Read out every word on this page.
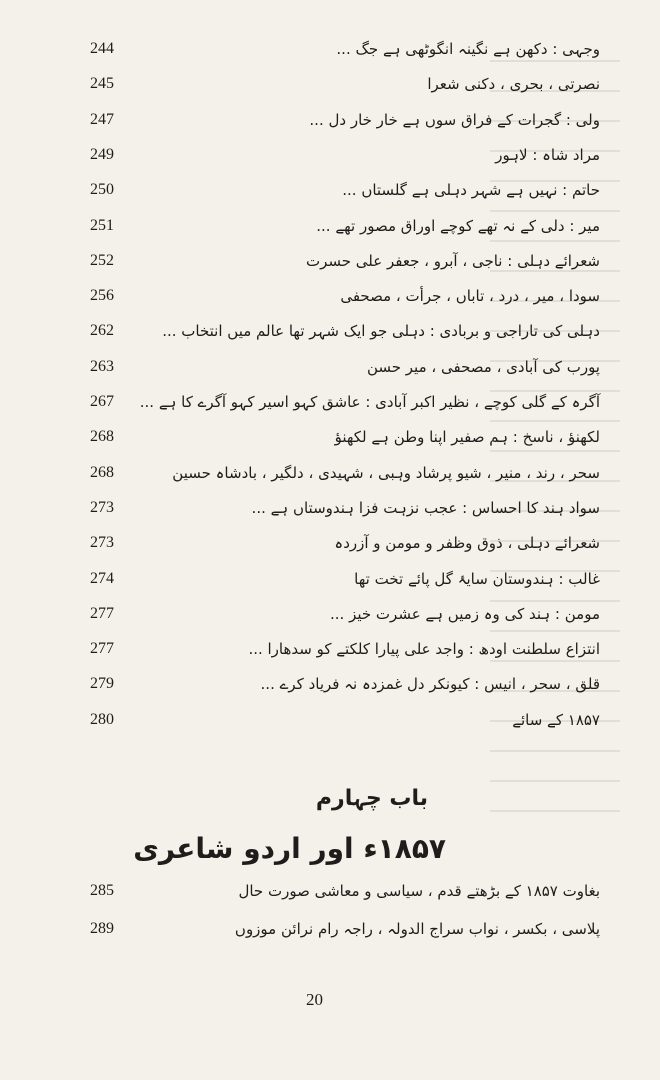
244	وجہی : دکھن ہے نگینہ انگوٹھی ہے جگ ...
245	نصرتی ، بحری ، دکنی شعرا
247	ولی : گجرات کے فراق سوں ہے خار خار دل ...
249	مراد شاہ : لاہور
250	حاتم : نہیں ہے شہر دہلی ہے گلستاں ...
251	میر : دلی کے نہ تھے کوچے اوراق مصور تھے ...
252	شعرائے دہلی : ناجی ، آبرو ، جعفر علی حسرت
256	سودا ، میر ، درد ، تاباں ، جرأت ، مصحفی
262	دہلی کی تاراجی و بربادی : دہلی جو ایک شہر تھا عالم میں انتخاب ...
263	پورب کی آبادی ، مصحفی ، میر حسن
267 آگرہ کے گلی کوچے ، نظیر اکبر آبادی : عاشق کہو اسیر کہو آگرے کا ہے ...
268	لکھنؤ ، ناسخ : ہم صفیر اپنا وطن ہے لکھنؤ
268	سحر ، رند ، منیر ، شیو پرشاد وہبی ، شہیدی ، دلگیر ، بادشاہ حسین
273	سواد ہند کا احساس : عجب نزہت فزا ہندوستاں ہے ...
273	شعرائے دہلی ، ذوق وظفر و مومن و آزردہ
274	غالب : ہندوستان سایۂ گل پائے تخت تھا
277	مومن : ہند کی وہ زمیں ہے عشرت خیز ...
277	انتزاع سلطنت اودھ : واجد علی پیارا کلکتے کو سدھارا ...
279	قلق ، سحر ، انیس : کیونکر دل غمزدہ نہ فریاد کرے ...
280	۱۸۵۷ کے سائے
باب چہارم
۱۸۵۷ء اور اردو شاعری
285	بغاوت ۱۸۵۷ کے بڑھتے قدم ، سیاسی و معاشی صورت حال
289	پلاسی ، بکسر ، نواب سراج الدولہ ، راجہ رام نرائن موزوں
20
